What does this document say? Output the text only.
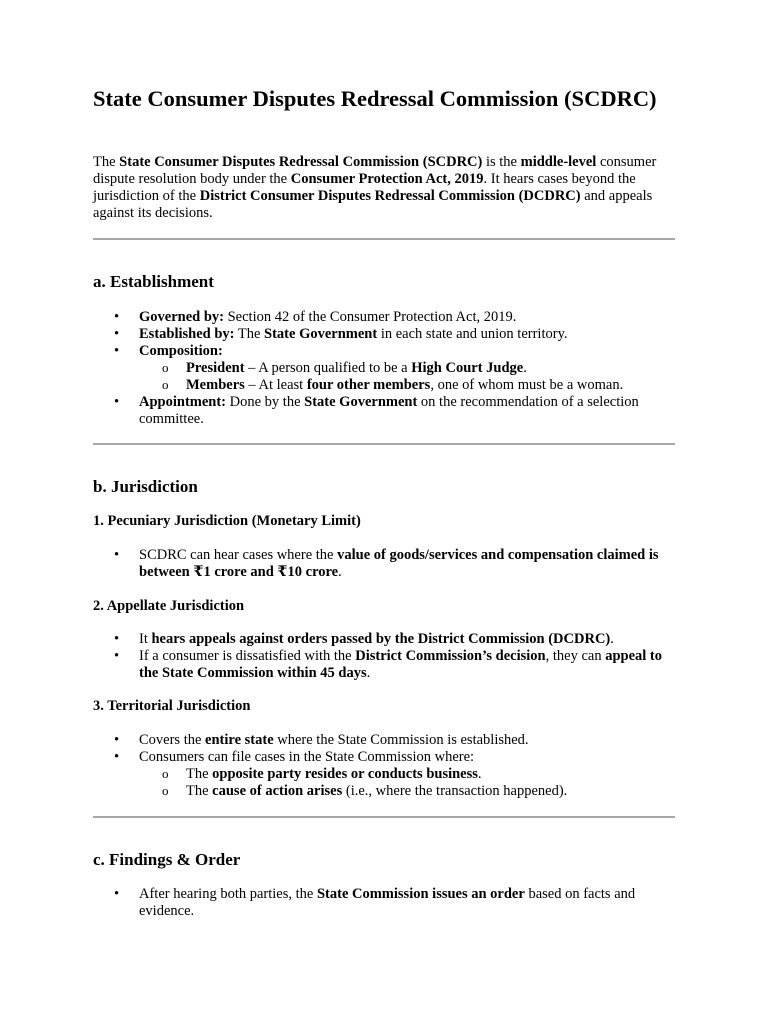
State Consumer Disputes Redressal Commission (SCDRC)

The State Consumer Disputes Redressal Commission (SCDRC) is the middle-level consumer dispute resolution body under the Consumer Protection Act, 2019. It hears cases beyond the jurisdiction of the District Consumer Disputes Redressal Commission (DCDRC) and appeals against its decisions.

a. Establishment
• Governed by: Section 42 of the Consumer Protection Act, 2019.
• Established by: The State Government in each state and union territory.
• Composition:
o President – A person qualified to be a High Court Judge.
o Members – At least four other members, one of whom must be a woman.
• Appointment: Done by the State Government on the recommendation of a selection committee.
b. Jurisdiction
1. Pecuniary Jurisdiction (Monetary Limit)
• SCDRC can hear cases where the value of goods/services and compensation claimed is between ₹1 crore and ₹10 crore.
2. Appellate Jurisdiction
• It hears appeals against orders passed by the District Commission (DCDRC).
• If a consumer is dissatisfied with the District Commission’s decision, they can appeal to the State Commission within 45 days.
3. Territorial Jurisdiction
• Covers the entire state where the State Commission is established.
• Consumers can file cases in the State Commission where:
o The opposite party resides or conducts business.
o The cause of action arises (i.e., where the transaction happened).
c. Findings & Order
• After hearing both parties, the State Commission issues an order based on facts and evidence.
